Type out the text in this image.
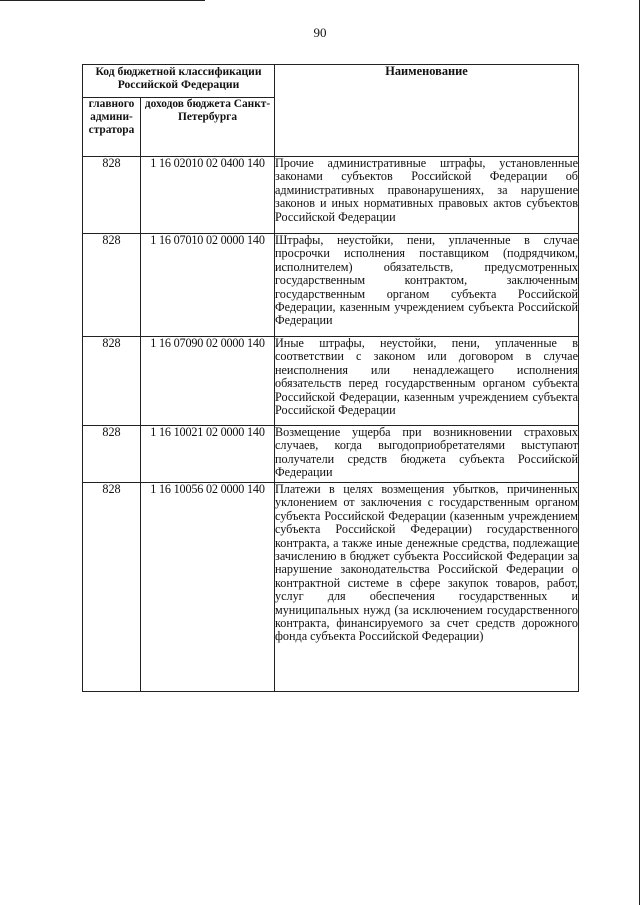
90
Код бюджетной классификации Российской Федерации		Наименование
главного админи-стратора	доходов бюджета Санкт-Петербурга	
828	1 16 02010 02 0400 140	Прочие административные штрафы, установленные законами субъектов Российской Федерации об административных правонарушениях, за нарушение законов и иных нормативных правовых актов субъектов Российской Федерации
828	1 16 07010 02 0000 140	Штрафы, неустойки, пени, уплаченные в случае просрочки исполнения поставщиком (подрядчиком, исполнителем) обязательств, предусмотренных государственным контрактом, заключенным государственным органом субъекта Российской Федерации, казенным учреждением субъекта Российской Федерации
828	1 16 07090 02 0000 140	Иные штрафы, неустойки, пени, уплаченные в соответствии с законом или договором в случае неисполнения или ненадлежащего исполнения обязательств перед государственным органом субъекта Российской Федерации, казенным учреждением субъекта Российской Федерации
828	1 16 10021 02 0000 140	Возмещение ущерба при возникновении страховых случаев, когда выгодоприобретателями выступают получатели средств бюджета субъекта Российской Федерации
828	1 16 10056 02 0000 140	Платежи в целях возмещения убытков, причиненных уклонением от заключения с государственным органом субъекта Российской Федерации (казенным учреждением субъекта Российской Федерации) государственного контракта, а также иные денежные средства, подлежащие зачислению в бюджет субъекта Российской Федерации за нарушение законодательства Российской Федерации о контрактной системе в сфере закупок товаров, работ, услуг для обеспечения государственных и муниципальных нужд (за исключением государственного контракта, финансируемого за счет средств дорожного фонда субъекта Российской Федерации)
